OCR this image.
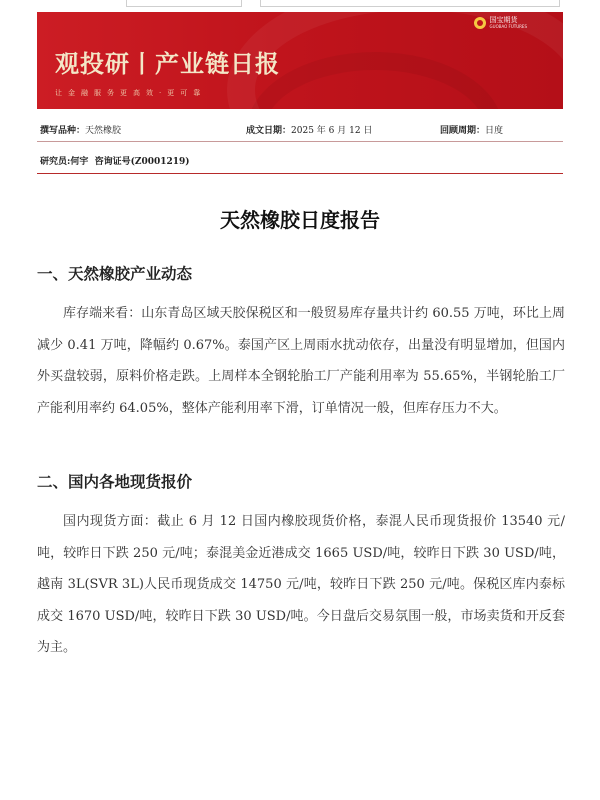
国宝期货
GUOBAO FUTURES
观投研丨产业链日报
让金融服务更高效·更可靠
撰写品种：天然橡胶	成文日期：2025 年 6 月 12 日	回顾周期：日度
研究员:何宇 咨询证号(Z0001219)
天然橡胶日度报告
一、天然橡胶产业动态
库存端来看：山东青岛区域天胶保税区和一般贸易库存量共计约 60.55 万吨，环比上周减少 0.41 万吨，降幅约 0.67%。泰国产区上周雨水扰动依存，出量没有明显增加，但国内外买盘较弱，原料价格走跌。上周样本全钢轮胎工厂产能利用率为 55.65%，半钢轮胎工厂产能利用率约 64.05%，整体产能利用率下滑，订单情况一般，但库存压力不大。
二、国内各地现货报价
国内现货方面：截止 6 月 12 日国内橡胶现货价格，泰混人民币现货报价 13540 元/吨，较昨日下跌 250 元/吨；泰混美金近港成交 1665 USD/吨，较昨日下跌 30 USD/吨，越南 3L(SVR 3L)人民币现货成交 14750 元/吨，较昨日下跌 250 元/吨。保税区库内泰标成交 1670 USD/吨，较昨日下跌 30 USD/吨。今日盘后交易氛围一般，市场卖货和开反套为主。
